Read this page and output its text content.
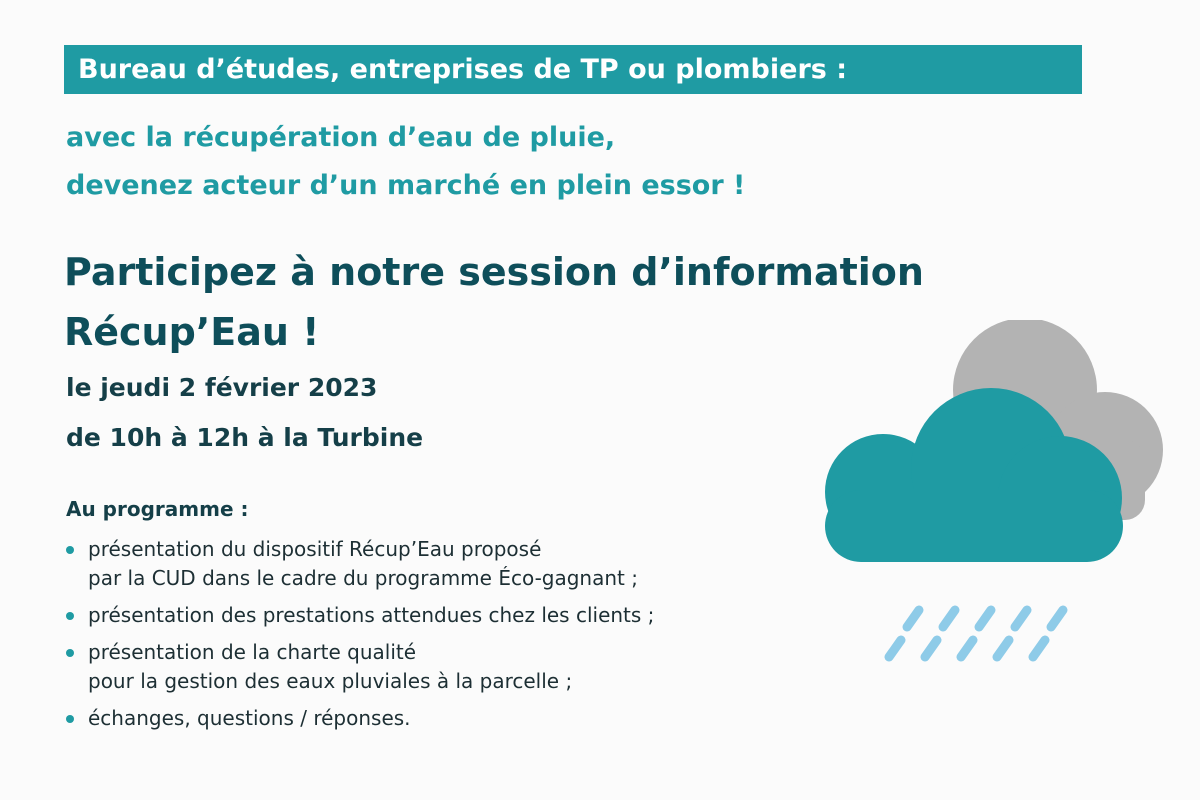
Bureau d’études, entreprises de TP ou plombiers :
avec la récupération d’eau de pluie,
devenez acteur d’un marché en plein essor !
Participez à notre session d’information
Récup’Eau !
le jeudi 2 février 2023
de 10h à 12h à la Turbine
Au programme :
présentation du dispositif Récup’Eau proposé
par la CUD dans le cadre du programme Éco-gagnant ;
présentation des prestations attendues chez les clients ;
présentation de la charte qualité
pour la gestion des eaux pluviales à la parcelle ;
échanges, questions / réponses.
